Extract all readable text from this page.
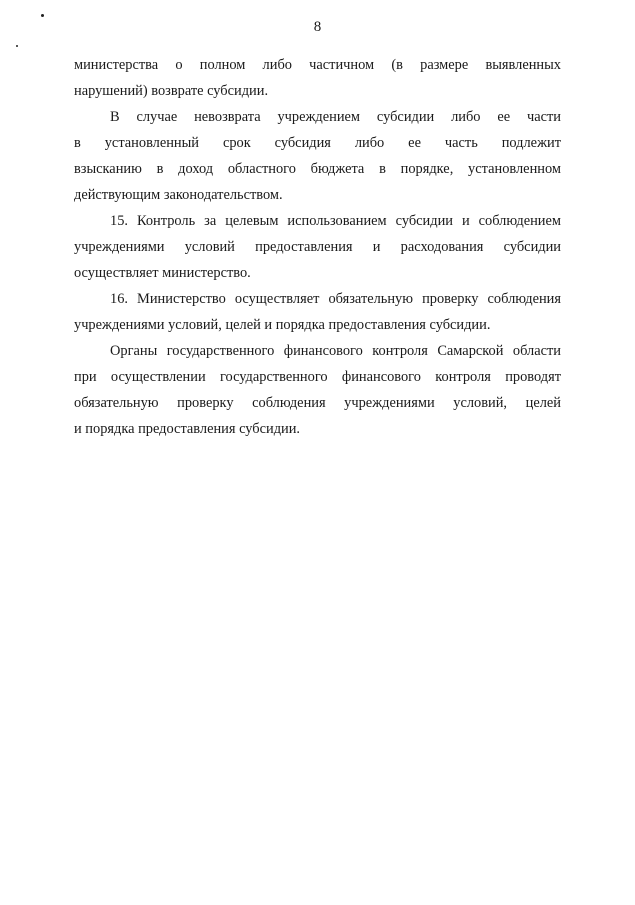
8
министерства о полном либо частичном (в размере выявленных
нарушений) возврате субсидии.
В случае невозврата учреждением субсидии либо ее части
в установленный срок субсидия либо ее часть подлежит
взысканию в доход областного бюджета в порядке, установленном
действующим законодательством.
15. Контроль за целевым использованием субсидии и соблюдением
учреждениями условий предоставления и расходования субсидии
осуществляет министерство.
16. Министерство осуществляет обязательную проверку соблюдения
учреждениями условий, целей и порядка предоставления субсидии.
Органы государственного финансового контроля Самарской области
при осуществлении государственного финансового контроля проводят
обязательную проверку соблюдения учреждениями условий, целей
и порядка предоставления субсидии.
